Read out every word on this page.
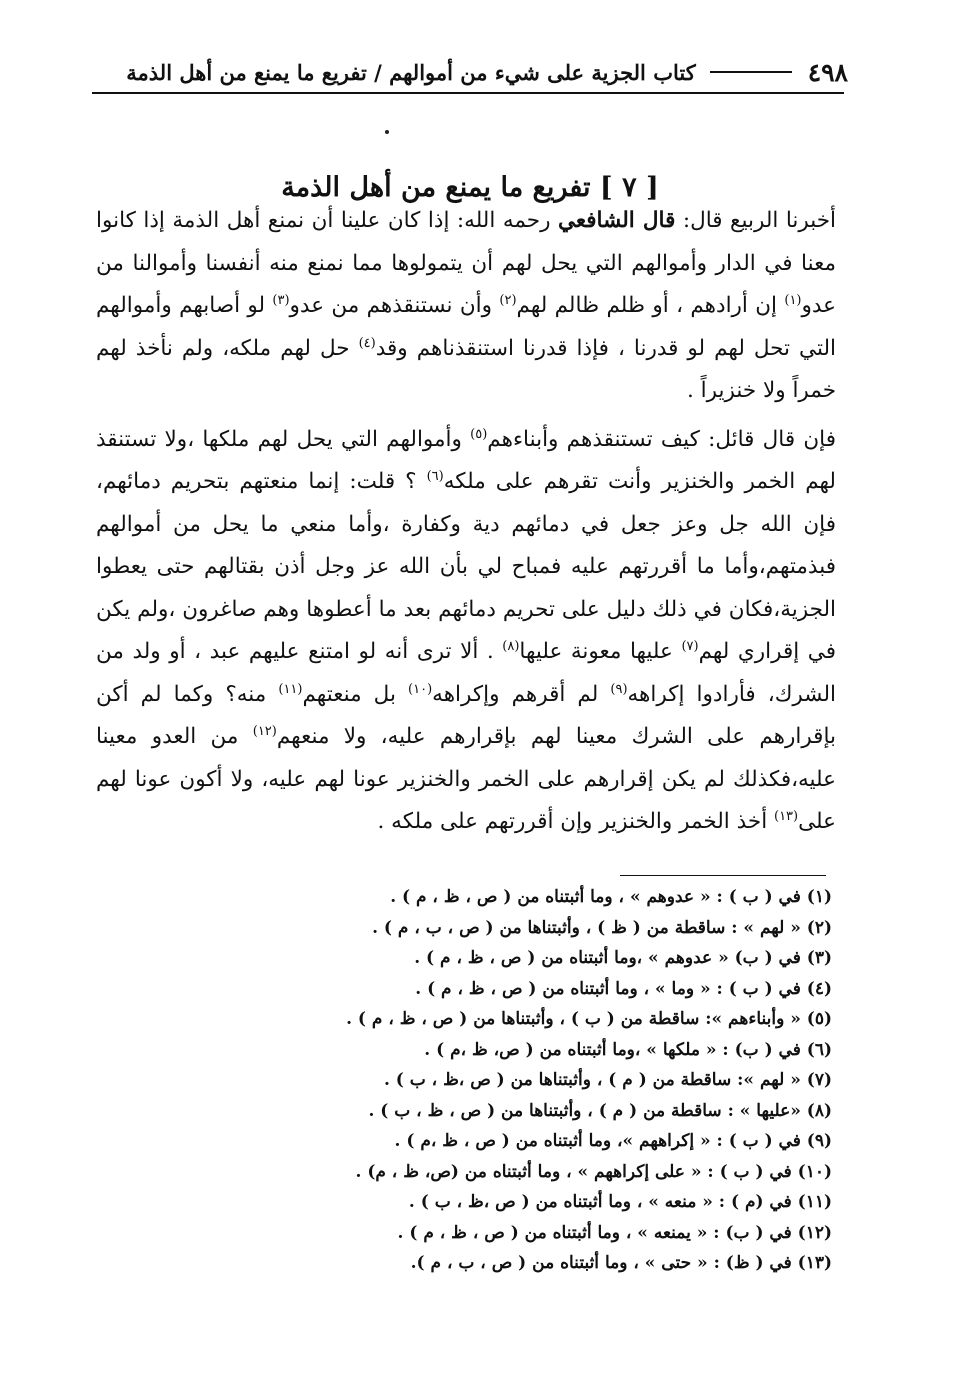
٤٩٨
كتاب الجزية على شيء من أموالهم / تفريع ما يمنع من أهل الذمة
[ ٧ ] تفريع ما يمنع من أهل الذمة

أخبرنا الربيع قال: قال الشافعي رحمه الله: إذا كان علينا أن نمنع أهل الذمة إذا كانوا معنا في الدار وأموالهم التي يحل لهم أن يتمولوها مما نمنع منه أنفسنا وأموالنا من عدو$^{(١)}$ إن أرادهم ، أو ظلم ظالم لهم$^{(٢)}$ وأن نستنقذهم من عدو$^{(٣)}$ لو أصابهم وأموالهم التي تحل لهم لو قدرنا ، فإذا قدرنا استنقذناهم وقد$^{(٤)}$ حل لهم ملكه، ولم نأخذ لهم خمراً ولا خنزيراً .

فإن قال قائل: كيف تستنقذهم وأبناءهم$^{(٥)}$ وأموالهم التي يحل لهم ملكها ،ولا تستنقذ لهم الخمر والخنزير وأنت تقرهم على ملكه$^{(٦)}$ ؟ قلت: إنما منعتهم بتحريم دمائهم، فإن الله جل وعز جعل في دمائهم دية وكفارة ،وأما منعي ما يحل من أموالهم فبذمتهم،وأما ما أقررتهم عليه فمباح لي بأن الله عز وجل أذن بقتالهم حتى يعطوا الجزية،فكان في ذلك دليل على تحريم دمائهم بعد ما أعطوها وهم صاغرون ،ولم يكن في إقراري لهم$^{(٧)}$ عليها معونة عليها$^{(٨)}$ . ألا ترى أنه لو امتنع عليهم عبد ، أو ولد من الشرك، فأرادوا إكراهه$^{(٩)}$ لم أقرهم وإكراهه$^{(١٠)}$ بل منعتهم$^{(١١)}$ منه؟ وكما لم أكن بإقرارهم على الشرك معينا لهم بإقرارهم عليه، ولا منعهم$^{(١٢)}$ من العدو معينا عليه،فكذلك لم يكن إقرارهم على الخمر والخنزير عونا لهم عليه، ولا أكون عونا لهم على$^{(١٣)}$ أخذ الخمر والخنزير وإن أقررتهم على ملكه .

(١) في ( ب ) : « عدوهم » ، وما أثبتناه من ( ص ، ظ ، م ) .
(٢) « لهم » : ساقطة من ( ظ ) ، وأثبتناها من ( ص ، ب ، م ) .
(٣) في ( ب) « عدوهم » ،وما أثبتناه من ( ص ، ظ ، م ) .
(٤) في ( ب ) : « وما » ، وما أثبتناه من ( ص ، ظ ، م ) .
(٥) « وأبناءهم »: ساقطة من ( ب ) ، وأثبتناها من ( ص ، ظ ، م ) .
(٦) في ( ب) : « ملكها » ،وما أثبتناه من ( ص، ظ ،م ) .
(٧) « لهم »: ساقطة من ( م ) ، وأثبتناها من ( ص ،ظ ، ب ) .
(٨) «عليها » : ساقطة من ( م ) ، وأثبتناها من ( ص ، ظ ، ب ) .
(٩) في ( ب ) : « إكراههم »، وما أثبتناه من ( ص ، ظ ،م ) .
(١٠) في ( ب ) : « على إكراههم » ، وما أثبتناه من (ص، ظ ، م) .
(١١) في (م ) : « منعه » ، وما أثبتناه من ( ص ،ظ ، ب ) .
(١٢) في ( ب) : « يمنعه » ، وما أثبتناه من ( ص ، ظ ، م ) .
(١٣) في ( ظ) : « حتى » ، وما أثبتناه من ( ص ، ب ، م ).
